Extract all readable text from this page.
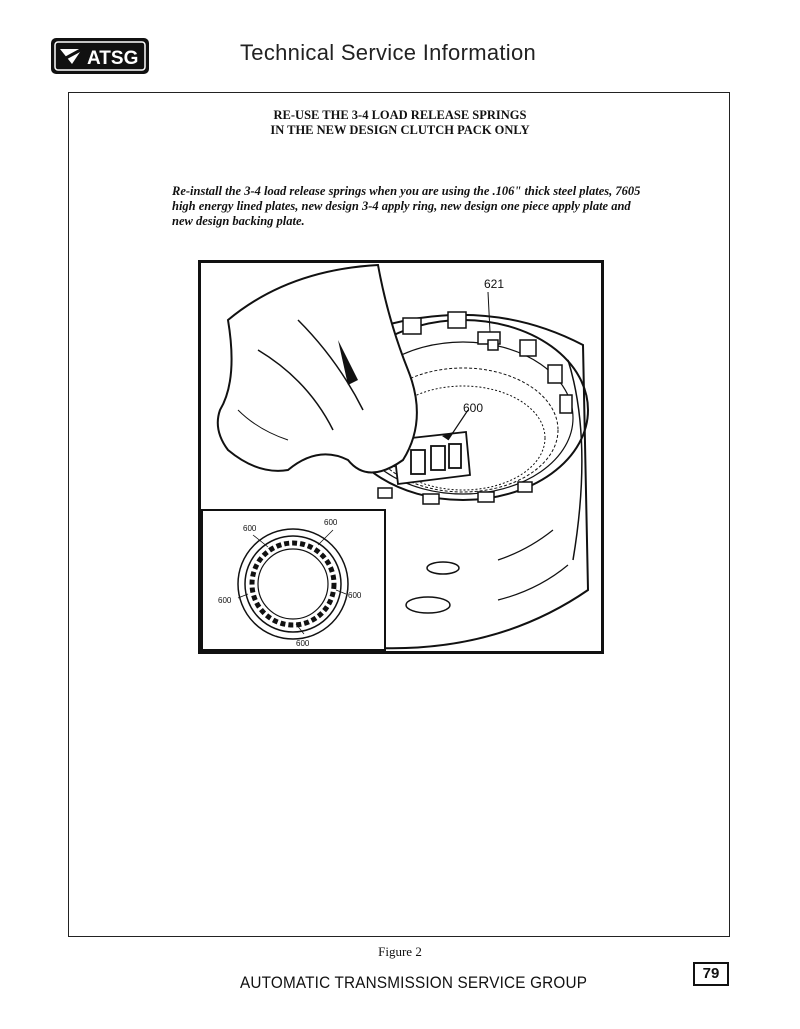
ATSG	Technical Service Information
RE-USE THE 3-4 LOAD RELEASE SPRINGS
IN THE NEW DESIGN CLUTCH PACK ONLY
Re-install the 3-4 load release springs when you are using the .106" thick steel plates, 7605 high energy lined plates, new design 3-4 apply ring, new design one piece apply plate and new design backing plate.
621
600
600
600
600
600
600
Figure 2
AUTOMATIC TRANSMISSION SERVICE GROUP	79
